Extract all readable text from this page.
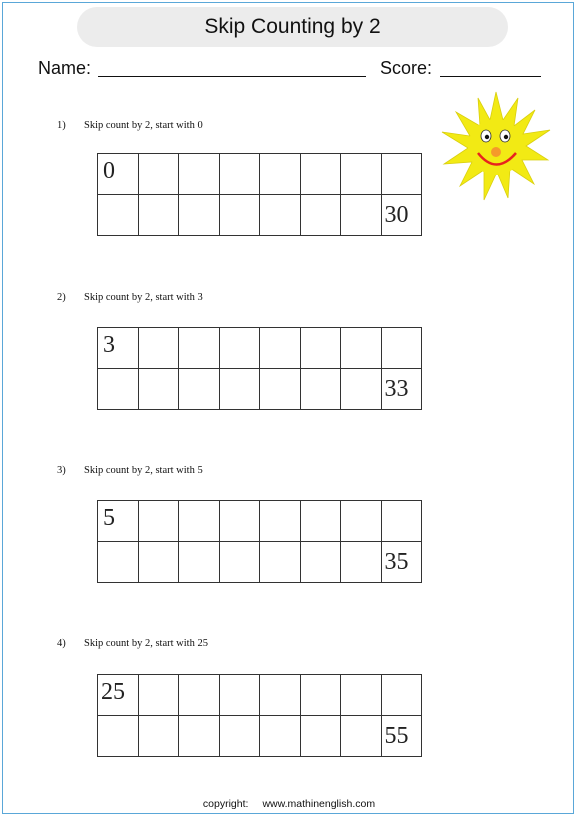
Skip Counting by 2
Name:	Score:
1) Skip count by 2, start with 0
0
30
2) Skip count by 2, start with 3
3
33
3) Skip count by 2, start with 5
5
35
4) Skip count by 2, start with 25
25
55
copyright: www.mathinenglish.com
